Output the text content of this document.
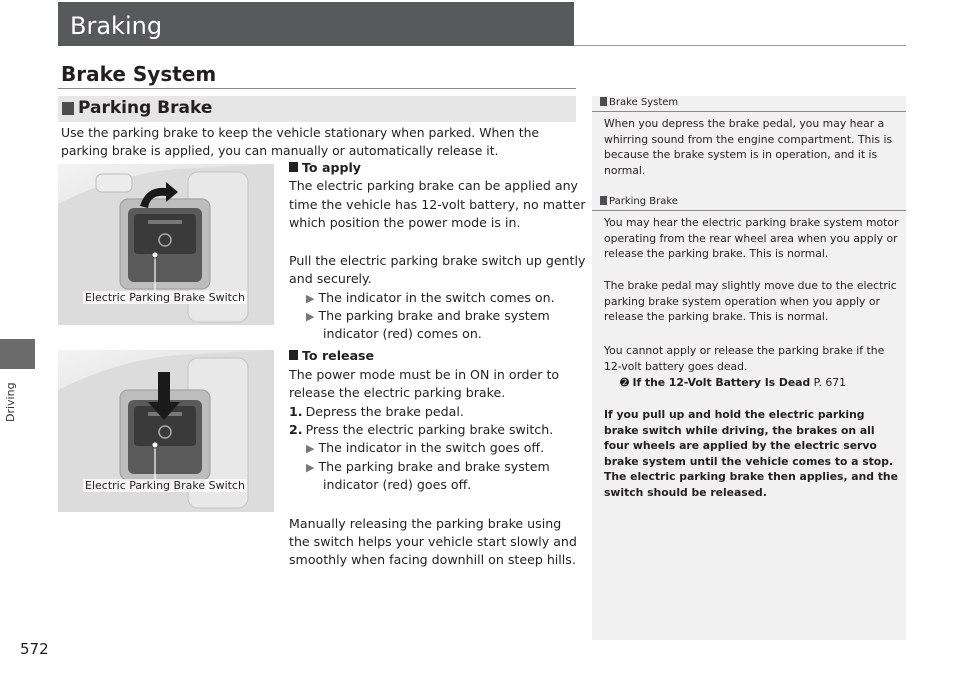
Driving
572
Braking
Brake System
Parking Brake
Use the parking brake to keep the vehicle stationary when parked. When the parking brake is applied, you can manually or automatically release it.
Electric Parking Brake Switch
Electric Parking Brake Switch
To apply
The electric parking brake can be applied any
time the vehicle has 12-volt battery, no matter
which position the power mode is in.
Pull the electric parking brake switch up gently
and securely.
▶ The indicator in the switch comes on.
▶ The parking brake and brake system
indicator (red) comes on.
To release
The power mode must be in ON in order to
release the electric parking brake.
1. Depress the brake pedal.
2. Press the electric parking brake switch.
▶ The indicator in the switch goes off.
▶ The parking brake and brake system
indicator (red) goes off.
Manually releasing the parking brake using
the switch helps your vehicle start slowly and
smoothly when facing downhill on steep hills.
Brake System
When you depress the brake pedal, you may hear a whirring sound from the engine compartment. This is because the brake system is in operation, and it is normal.
Parking Brake
You may hear the electric parking brake system motor operating from the rear wheel area when you apply or release the parking brake. This is normal.
The brake pedal may slightly move due to the electric parking brake system operation when you apply or release the parking brake. This is normal.
You cannot apply or release the parking brake if the 12-volt battery goes dead.
➋ If the 12-Volt Battery Is Dead P. 671
If you pull up and hold the electric parking brake switch while driving, the brakes on all four wheels are applied by the electric servo brake system until the vehicle comes to a stop. The electric parking brake then applies, and the switch should be released.
